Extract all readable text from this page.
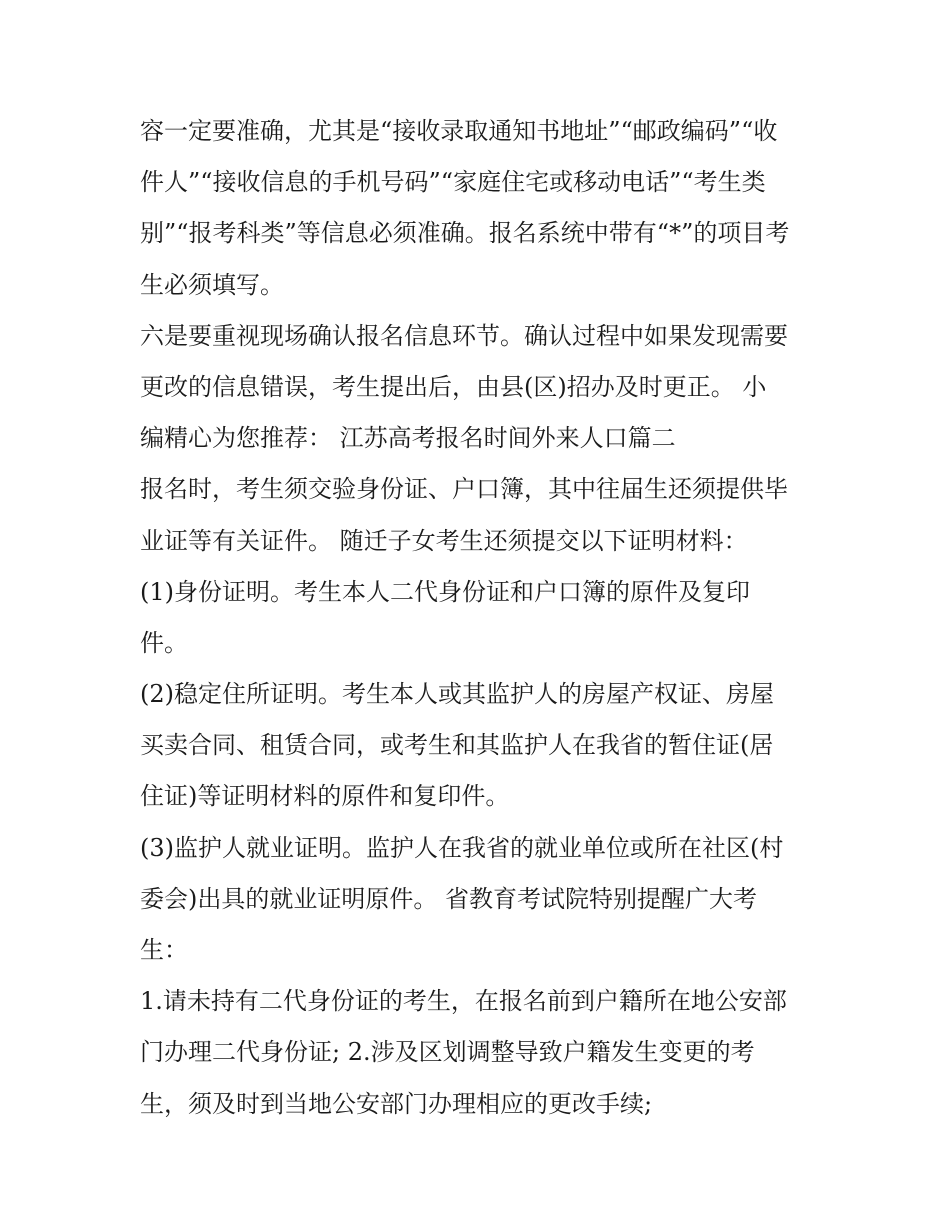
容一定要准确，尤其是“接收录取通知书地址”“邮政编码”“收
件人”“接收信息的手机号码”“家庭住宅或移动电话”“考生类
别”“报考科类”等信息必须准确。报名系统中带有“*”的项目考
生必须填写。
六是要重视现场确认报名信息环节。确认过程中如果发现需要
更改的信息错误，考生提出后，由县(区)招办及时更正。 小
编精心为您推荐： 江苏高考报名时间外来人口篇二
报名时，考生须交验身份证、户口簿，其中往届生还须提供毕
业证等有关证件。 随迁子女考生还须提交以下证明材料：
(1)身份证明。考生本人二代身份证和户口簿的原件及复印
件。
(2)稳定住所证明。考生本人或其监护人的房屋产权证、房屋
买卖合同、租赁合同，或考生和其监护人在我省的暂住证(居
住证)等证明材料的原件和复印件。
(3)监护人就业证明。监护人在我省的就业单位或所在社区(村
委会)出具的就业证明原件。 省教育考试院特别提醒广大考
生：
1.请未持有二代身份证的考生，在报名前到户籍所在地公安部
门办理二代身份证; 2.涉及区划调整导致户籍发生变更的考
生，须及时到当地公安部门办理相应的更改手续;
